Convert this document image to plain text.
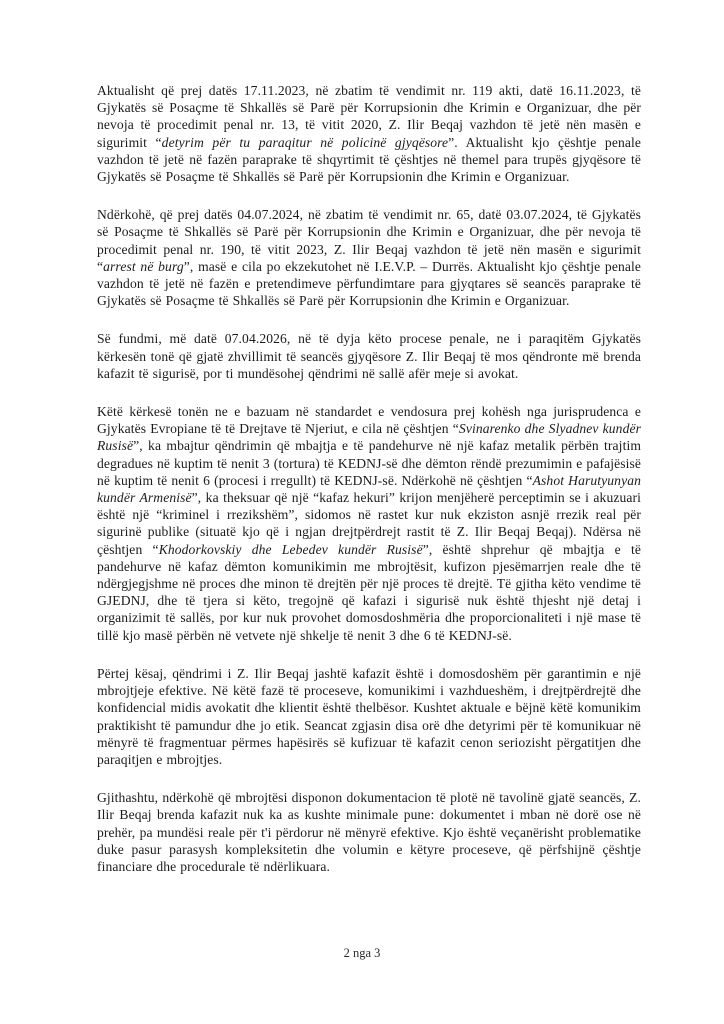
Aktualisht që prej datës 17.11.2023, në zbatim të vendimit nr. 119 akti, datë 16.11.2023, të Gjykatës së Posaçme të Shkallës së Parë për Korrupsionin dhe Krimin e Organizuar, dhe për nevoja të procedimit penal nr. 13, të vitit 2020, Z. Ilir Beqaj vazhdon të jetë nën masën e sigurimit “detyrim për tu paraqitur në policinë gjyqësore”. Aktualisht kjo çështje penale vazhdon të jetë në fazën paraprake të shqyrtimit të çështjes në themel para trupës gjyqësore të Gjykatës së Posaçme të Shkallës së Parë për Korrupsionin dhe Krimin e Organizuar.

Ndërkohë, që prej datës 04.07.2024, në zbatim të vendimit nr. 65, datë 03.07.2024, të Gjykatës së Posaçme të Shkallës së Parë për Korrupsionin dhe Krimin e Organizuar, dhe për nevoja të procedimit penal nr. 190, të vitit 2023, Z. Ilir Beqaj vazhdon të jetë nën masën e sigurimit “arrest në burg”, masë e cila po ekzekutohet në I.E.V.P. – Durrës. Aktualisht kjo çështje penale vazhdon të jetë në fazën e pretendimeve përfundimtare para gjyqtares së seancës paraprake të Gjykatës së Posaçme të Shkallës së Parë për Korrupsionin dhe Krimin e Organizuar.

Së fundmi, më datë 07.04.2026, në të dyja këto procese penale, ne i paraqitëm Gjykatës kërkesën tonë që gjatë zhvillimit të seancës gjyqësore Z. Ilir Beqaj të mos qëndronte më brenda kafazit të sigurisë, por ti mundësohej qëndrimi në sallë afër meje si avokat.

Këtë kërkesë tonën ne e bazuam në standardet e vendosura prej kohësh nga jurisprudenca e Gjykatës Evropiane të të Drejtave të Njeriut, e cila në çështjen “Svinarenko dhe Slyadnev kundër Rusisë”, ka mbajtur qëndrimin që mbajtja e të pandehurve në një kafaz metalik përbën trajtim degradues në kuptim të nenit 3 (tortura) të KEDNJ-së dhe dëmton rëndë prezumimin e pafajësisë në kuptim të nenit 6 (procesi i rregullt) të KEDNJ-së. Ndërkohë në çështjen “Ashot Harutyunyan kundër Armenisë”, ka theksuar që një “kafaz hekuri” krijon menjëherë perceptimin se i akuzuari është një “kriminel i rrezikshëm”, sidomos në rastet kur nuk ekziston asnjë rrezik real për sigurinë publike (situatë kjo që i ngjan drejtpërdrejt rastit të Z. Ilir Beqaj Beqaj). Ndërsa në çështjen “Khodorkovskiy dhe Lebedev kundër Rusisë”, është shprehur që mbajtja e të pandehurve në kafaz dëmton komunikimin me mbrojtësit, kufizon pjesëmarrjen reale dhe të ndërgjegjshme në proces dhe minon të drejtën për një proces të drejtë. Të gjitha këto vendime të GJEDNJ, dhe të tjera si këto, tregojnë që kafazi i sigurisë nuk është thjesht një detaj i organizimit të sallës, por kur nuk provohet domosdoshmëria dhe proporcionaliteti i një mase të tillë kjo masë përbën në vetvete një shkelje të nenit 3 dhe 6 të KEDNJ-së.

Përtej kësaj, qëndrimi i Z. Ilir Beqaj jashtë kafazit është i domosdoshëm për garantimin e një mbrojtjeje efektive. Në këtë fazë të proceseve, komunikimi i vazhdueshëm, i drejtpërdrejtë dhe konfidencial midis avokatit dhe klientit është thelbësor. Kushtet aktuale e bëjnë këtë komunikim praktikisht të pamundur dhe jo etik. Seancat zgjasin disa orë dhe detyrimi për të komunikuar në mënyrë të fragmentuar përmes hapësirës së kufizuar të kafazit cenon seriozisht përgatitjen dhe paraqitjen e mbrojtjes.

Gjithashtu, ndërkohë që mbrojtësi disponon dokumentacion të plotë në tavolinë gjatë seancës, Z. Ilir Beqaj brenda kafazit nuk ka as kushte minimale pune: dokumentet i mban në dorë ose në prehër, pa mundësi reale për t'i përdorur në mënyrë efektive. Kjo është veçanërisht problematike duke pasur parasysh kompleksitetin dhe volumin e këtyre proceseve, që përfshijnë çështje financiare dhe procedurale të ndërlikuara.

2 nga 3
